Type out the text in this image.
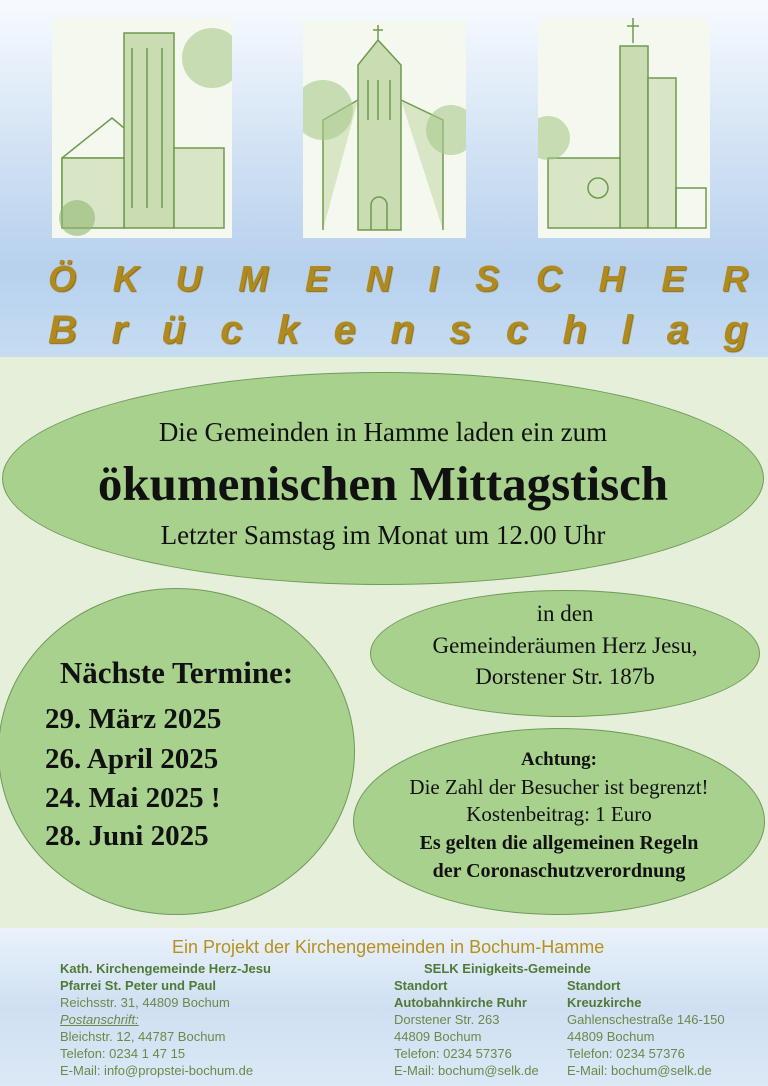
Ö K U M E N I S C H E R
B r ü c k e n s c h l a g
Die Gemeinden in Hamme laden ein zum
ökumenischen Mittagstisch
Letzter Samstag im Monat um 12.00 Uhr
Nächste Termine:
29. März 2025
26. April 2025
24. Mai 2025 !
28. Juni 2025
in den
Gemeinderäumen Herz Jesu,
Dorstener Str. 187b
Achtung:
Die Zahl der Besucher ist begrenzt!
Kostenbeitrag: 1 Euro
Es gelten die allgemeinen Regeln
der Coronaschutzverordnung
Ein Projekt der Kirchengemeinden in Bochum-Hamme
Kath. Kirchengemeinde Herz-Jesu
Pfarrei St. Peter und Paul
Reichsstr. 31, 44809 Bochum
Postanschrift:
Bleichstr. 12, 44787 Bochum
Telefon: 0234 1 47 15
E-Mail: info@propstei-bochum.de
SELK Einigkeits-Gemeinde
Standort
Autobahnkirche Ruhr
Dorstener Str. 263
44809 Bochum
Telefon: 0234 57376
E-Mail: bochum@selk.de
Standort
Kreuzkirche
Gahlenschestraße 146-150
44809 Bochum
Telefon: 0234 57376
E-Mail: bochum@selk.de
